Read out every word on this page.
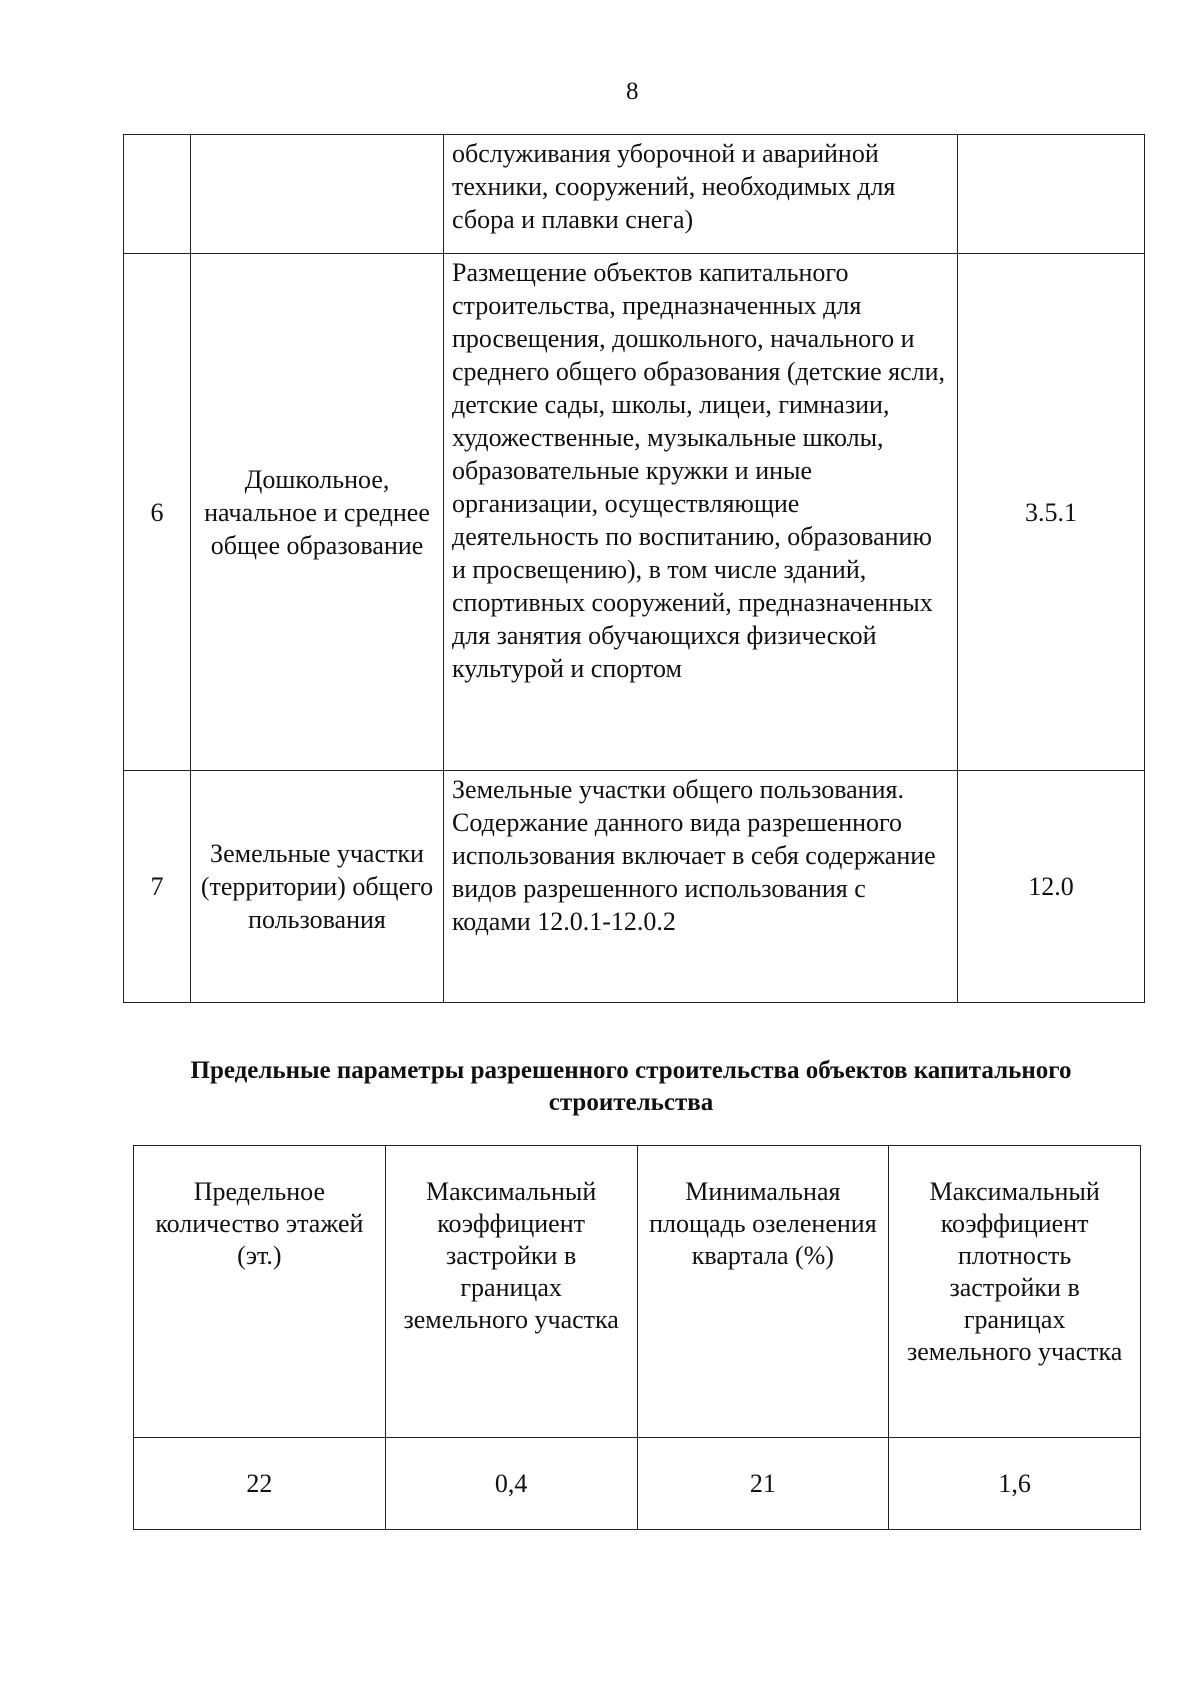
8
		обслуживания уборочной и аварийной техники, сооружений, необходимых для сбора и плавки снега)	
6	Дошкольное, начальное и среднее общее образование	Размещение объектов капитального строительства, предназначенных для просвещения, дошкольного, начального и среднего общего образования (детские ясли, детские сады, школы, лицеи, гимназии, художественные, музыкальные школы, образовательные кружки и иные организации, осуществляющие деятельность по воспитанию, образованию и просвещению), в том числе зданий, спортивных сооружений, предназначенных для занятия обучающихся физической культурой и спортом	3.5.1
7	Земельные участки (территории) общего пользования	Земельные участки общего пользования. Содержание данного вида разрешенного использования включает в себя содержание видов разрешенного использования с кодами 12.0.1-12.0.2	12.0
Предельные параметры разрешенного строительства объектов капитального строительства
Предельное количество этажей (эт.)	Максимальный коэффициент застройки в границах земельного участка	Минимальная площадь озеленения квартала (%)	Максимальный коэффициент плотность застройки в границах земельного участка
22	0,4	21	1,6
